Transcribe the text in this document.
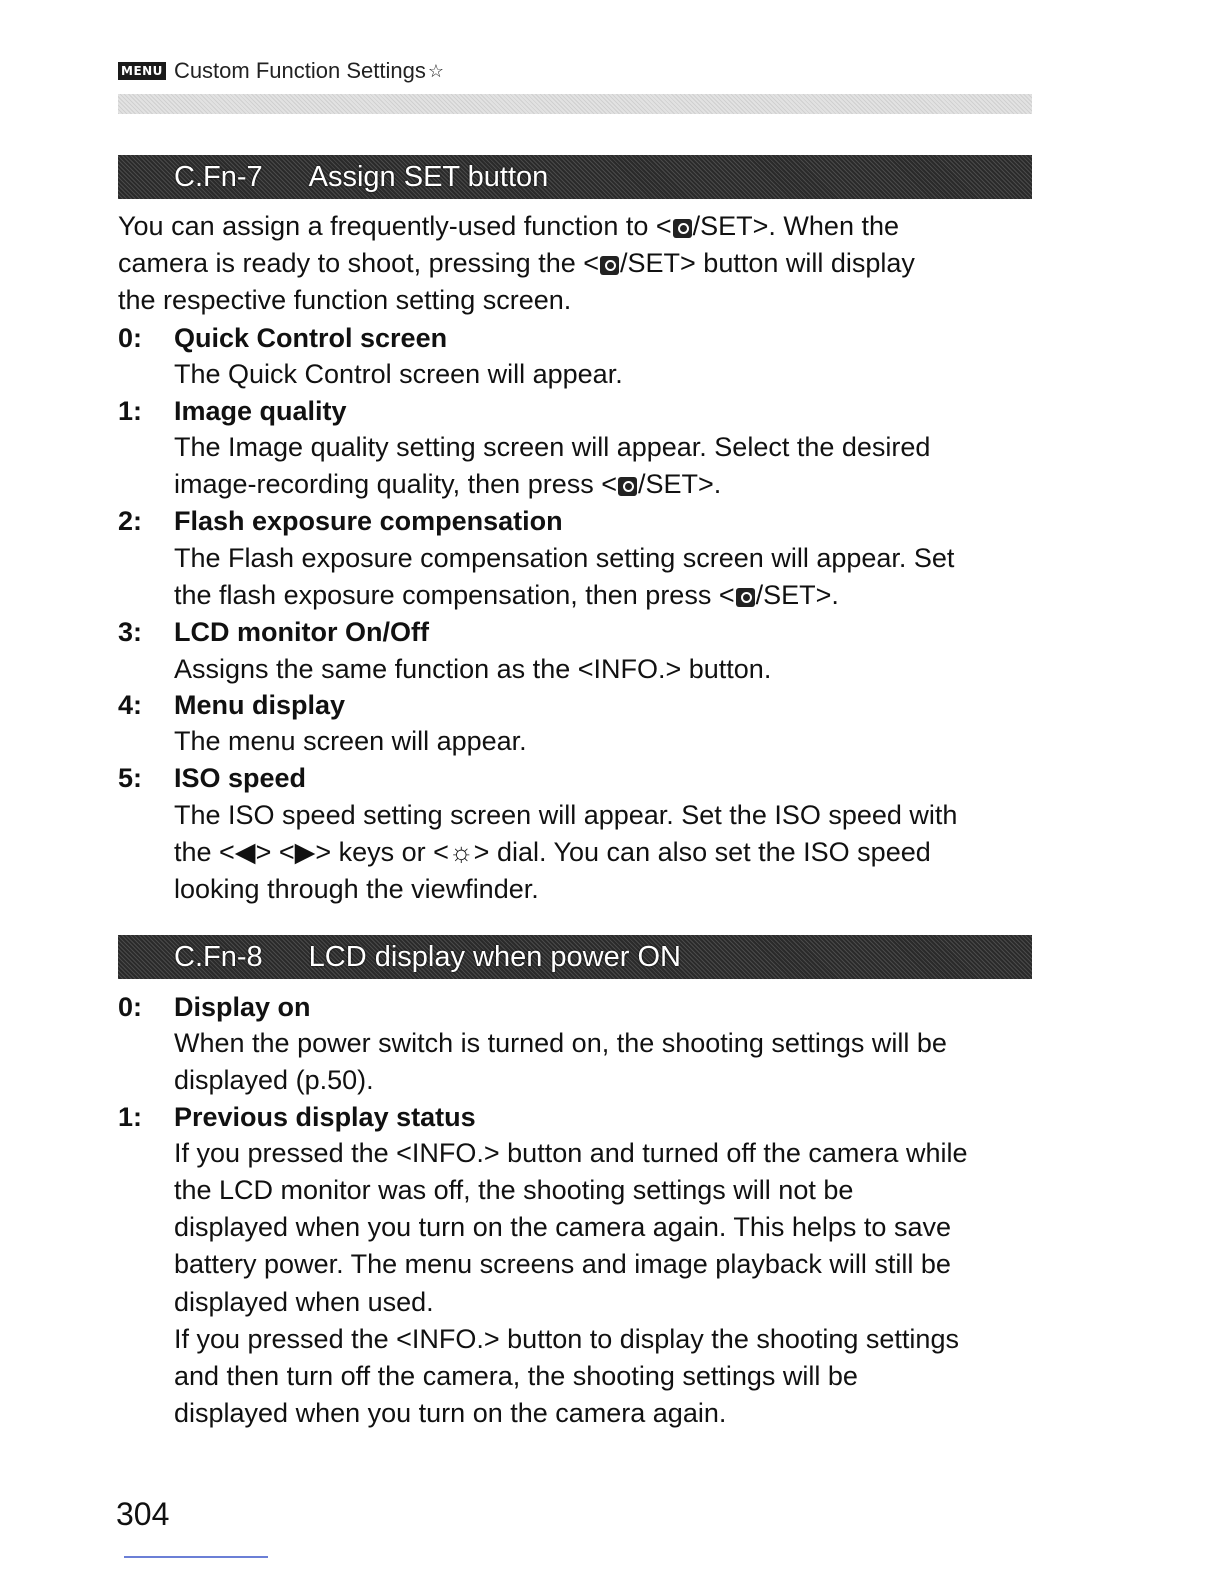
MENU Custom Function Settings ☆
C.Fn-7 Assign SET button
You can assign a frequently-used function to < /SET>. When the
camera is ready to shoot, pressing the < /SET> button will display
the respective function setting screen.
0: Quick Control screen
The Quick Control screen will appear.
1: Image quality
The Image quality setting screen will appear. Select the desired
image-recording quality, then press < /SET>.
2: Flash exposure compensation
The Flash exposure compensation setting screen will appear. Set
the flash exposure compensation, then press < /SET>.
3: LCD monitor On/Off
Assigns the same function as the <INFO.> button.
4: Menu display
The menu screen will appear.
5: ISO speed
The ISO speed setting screen will appear. Set the ISO speed with
the <◀> <▶> keys or <☼> dial. You can also set the ISO speed
looking through the viewfinder.
C.Fn-8 LCD display when power ON
0: Display on
When the power switch is turned on, the shooting settings will be
displayed (p.50).
1: Previous display status
If you pressed the <INFO.> button and turned off the camera while
the LCD monitor was off, the shooting settings will not be
displayed when you turn on the camera again. This helps to save
battery power. The menu screens and image playback will still be
displayed when used.
If you pressed the <INFO.> button to display the shooting settings
and then turn off the camera, the shooting settings will be
displayed when you turn on the camera again.
304
